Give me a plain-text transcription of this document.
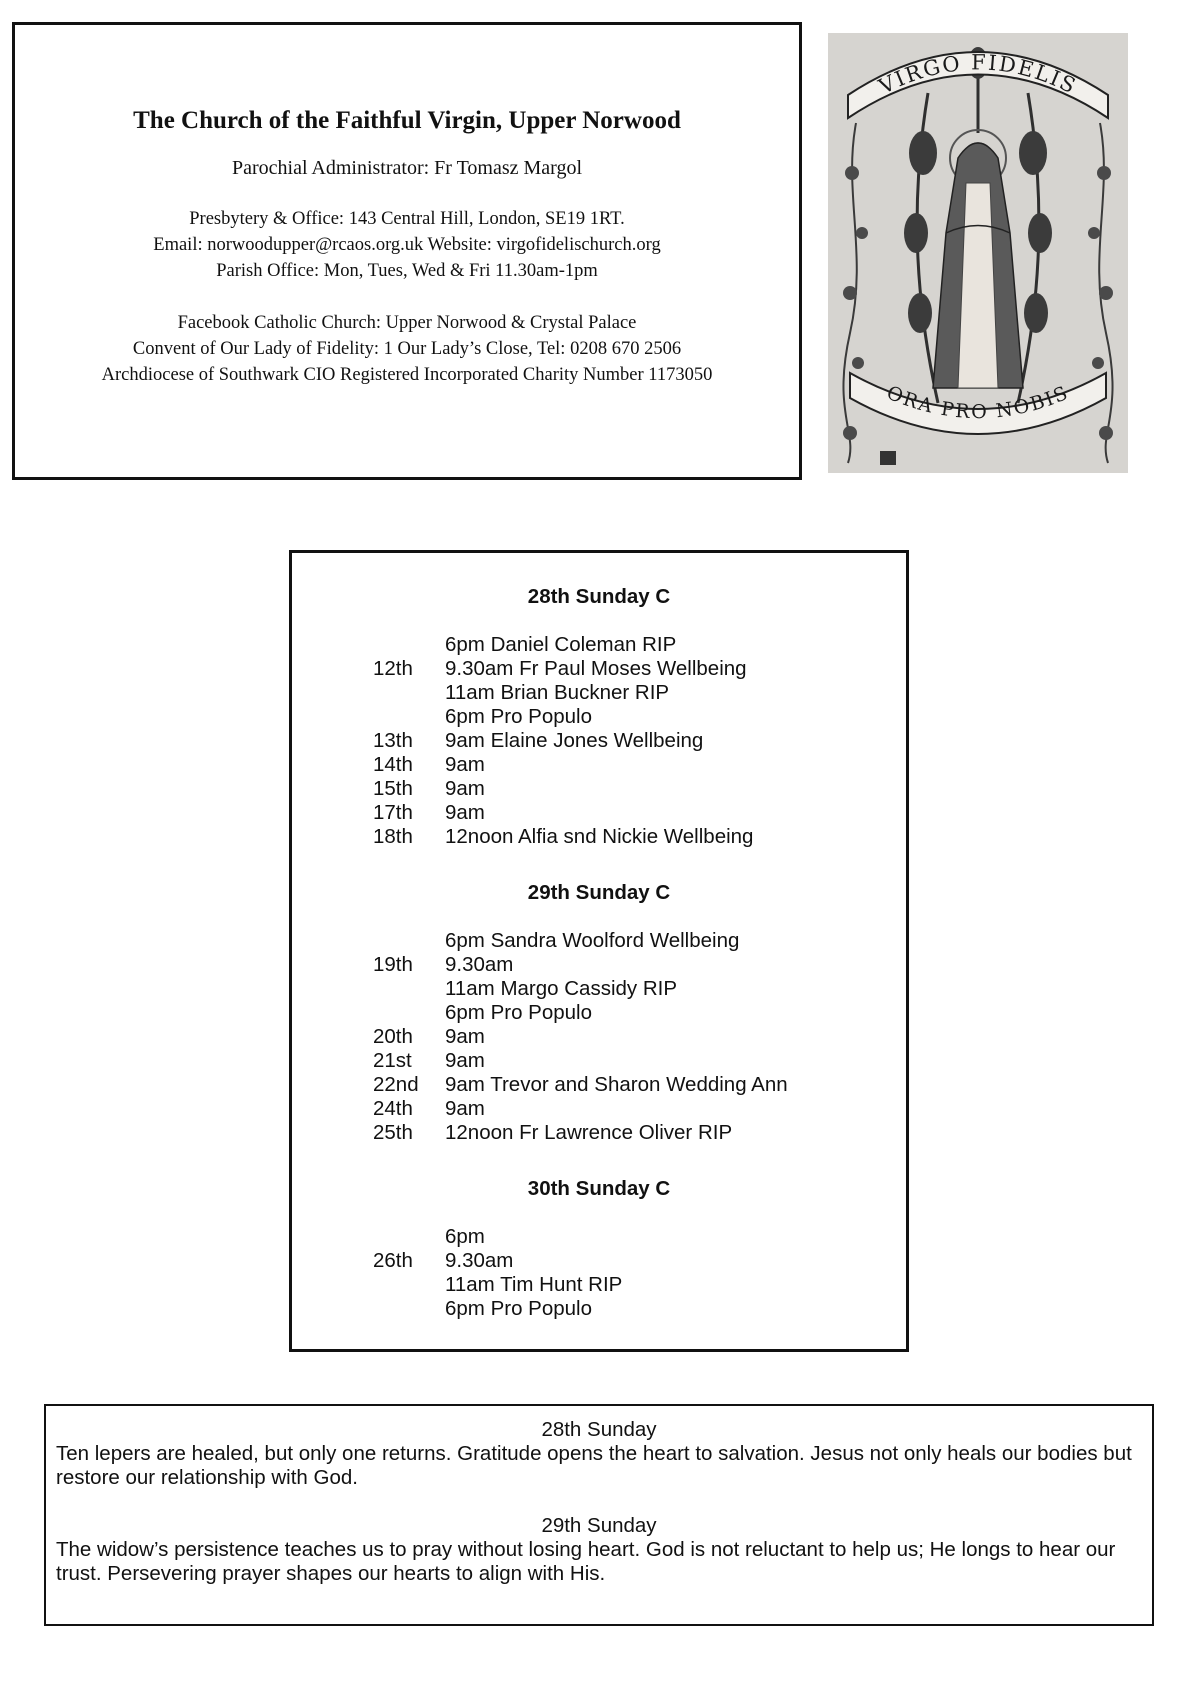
The Church of the Faithful Virgin, Upper Norwood
Parochial Administrator: Fr Tomasz Margol
Presbytery & Office: 143 Central Hill, London, SE19 1RT.
Email: norwoodupper@rcaos.org.uk Website: virgofidelischurch.org
Parish Office: Mon, Tues, Wed & Fri 11.30am-1pm
Facebook Catholic Church: Upper Norwood & Crystal Palace
Convent of Our Lady of Fidelity: 1 Our Lady’s Close, Tel: 0208 670 2506
Archdiocese of Southwark CIO Registered Incorporated Charity Number 1173050
VIRGO FIDELIS
ORA PRO NOBIS
28th Sunday C
6pm Daniel Coleman RIP
12th 9.30am Fr Paul Moses Wellbeing
11am Brian Buckner RIP
6pm Pro Populo
13th 9am Elaine Jones Wellbeing
14th 9am
15th 9am
17th 9am
18th 12noon Alfia snd Nickie Wellbeing
29th Sunday C
6pm Sandra Woolford Wellbeing
19th 9.30am
11am Margo Cassidy RIP
6pm Pro Populo
20th 9am
21st 9am
22nd 9am Trevor and Sharon Wedding Ann
24th 9am
25th 12noon Fr Lawrence Oliver RIP
30th Sunday C
6pm
26th 9.30am
11am Tim Hunt RIP
6pm Pro Populo
28th Sunday
Ten lepers are healed, but only one returns. Gratitude opens the heart to salvation. Jesus not only heals our bodies but restore our relationship with God.
29th Sunday
The widow’s persistence teaches us to pray without losing heart. God is not reluctant to help us; He longs to hear our trust. Persevering prayer shapes our hearts to align with His.
